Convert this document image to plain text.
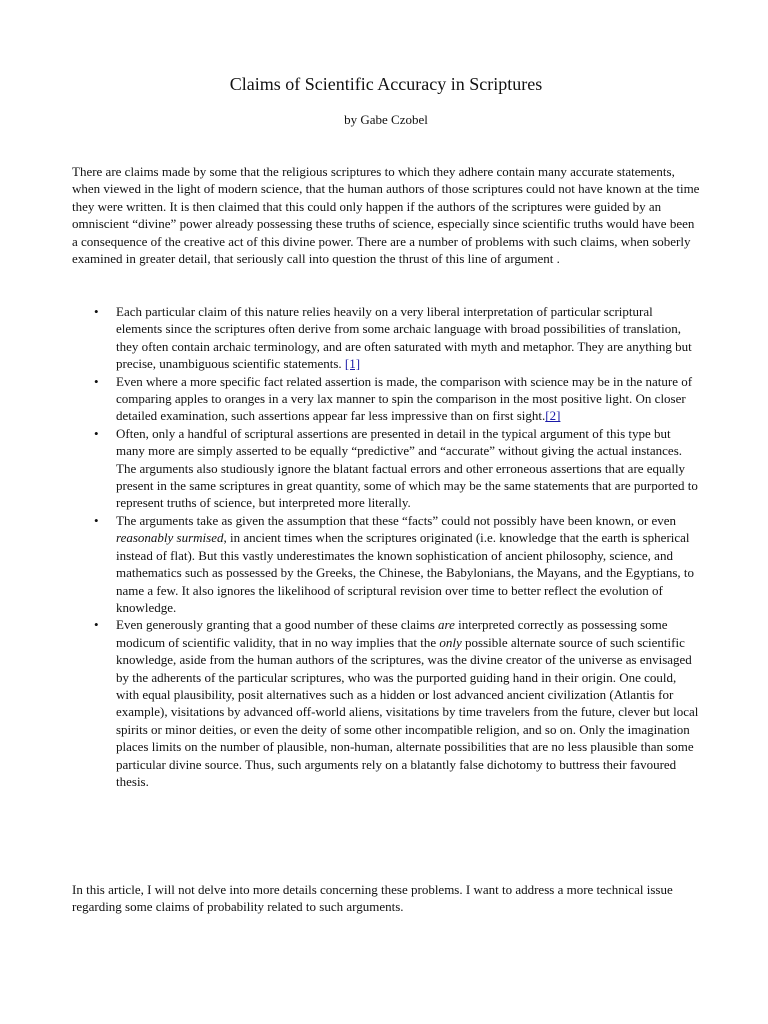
Claims of Scientific Accuracy in Scriptures

by Gabe Czobel

There are claims made by some that the religious scriptures to which they adhere contain many accurate statements, when viewed in the light of modern science, that the human authors of those scriptures could not have known at the time they were written. It is then claimed that this could only happen if the authors of the scriptures were guided by an omniscient “divine” power already possessing these truths of science, especially since scientific truths would have been a consequence of the creative act of this divine power. There are a number of problems with such claims, when soberly examined in greater detail, that seriously call into question the thrust of this line of argument .

• Each particular claim of this nature relies heavily on a very liberal interpretation of particular scriptural elements since the scriptures often derive from some archaic language with broad possibilities of translation, they often contain archaic terminology, and are often saturated with myth and metaphor. They are anything but precise, unambiguous scientific statements. [1]
• Even where a more specific fact related assertion is made, the comparison with science may be in the nature of comparing apples to oranges in a very lax manner to spin the comparison in the most positive light. On closer detailed examination, such assertions appear far less impressive than on first sight.[2]
• Often, only a handful of scriptural assertions are presented in detail in the typical argument of this type but many more are simply asserted to be equally “predictive” and “accurate” without giving the actual instances. The arguments also studiously ignore the blatant factual errors and other erroneous assertions that are equally present in the same scriptures in great quantity, some of which may be the same statements that are purported to represent truths of science, but interpreted more literally.
• The arguments take as given the assumption that these “facts” could not possibly have been known, or even reasonably surmised, in ancient times when the scriptures originated (i.e. knowledge that the earth is spherical instead of flat). But this vastly underestimates the known sophistication of ancient philosophy, science, and mathematics such as possessed by the Greeks, the Chinese, the Babylonians, the Mayans, and the Egyptians, to name a few. It also ignores the likelihood of scriptural revision over time to better reflect the evolution of knowledge.
• Even generously granting that a good number of these claims are interpreted correctly as possessing some modicum of scientific validity, that in no way implies that the only possible alternate source of such scientific knowledge, aside from the human authors of the scriptures, was the divine creator of the universe as envisaged by the adherents of the particular scriptures, who was the purported guiding hand in their origin. One could, with equal plausibility, posit alternatives such as a hidden or lost advanced ancient civilization (Atlantis for example), visitations by advanced off-world aliens, visitations by time travelers from the future, clever but local spirits or minor deities, or even the deity of some other incompatible religion, and so on. Only the imagination places limits on the number of plausible, non-human, alternate possibilities that are no less plausible than some particular divine source. Thus, such arguments rely on a blatantly false dichotomy to buttress their favoured thesis.

In this article, I will not delve into more details concerning these problems. I want to address a more technical issue regarding some claims of probability related to such arguments.
